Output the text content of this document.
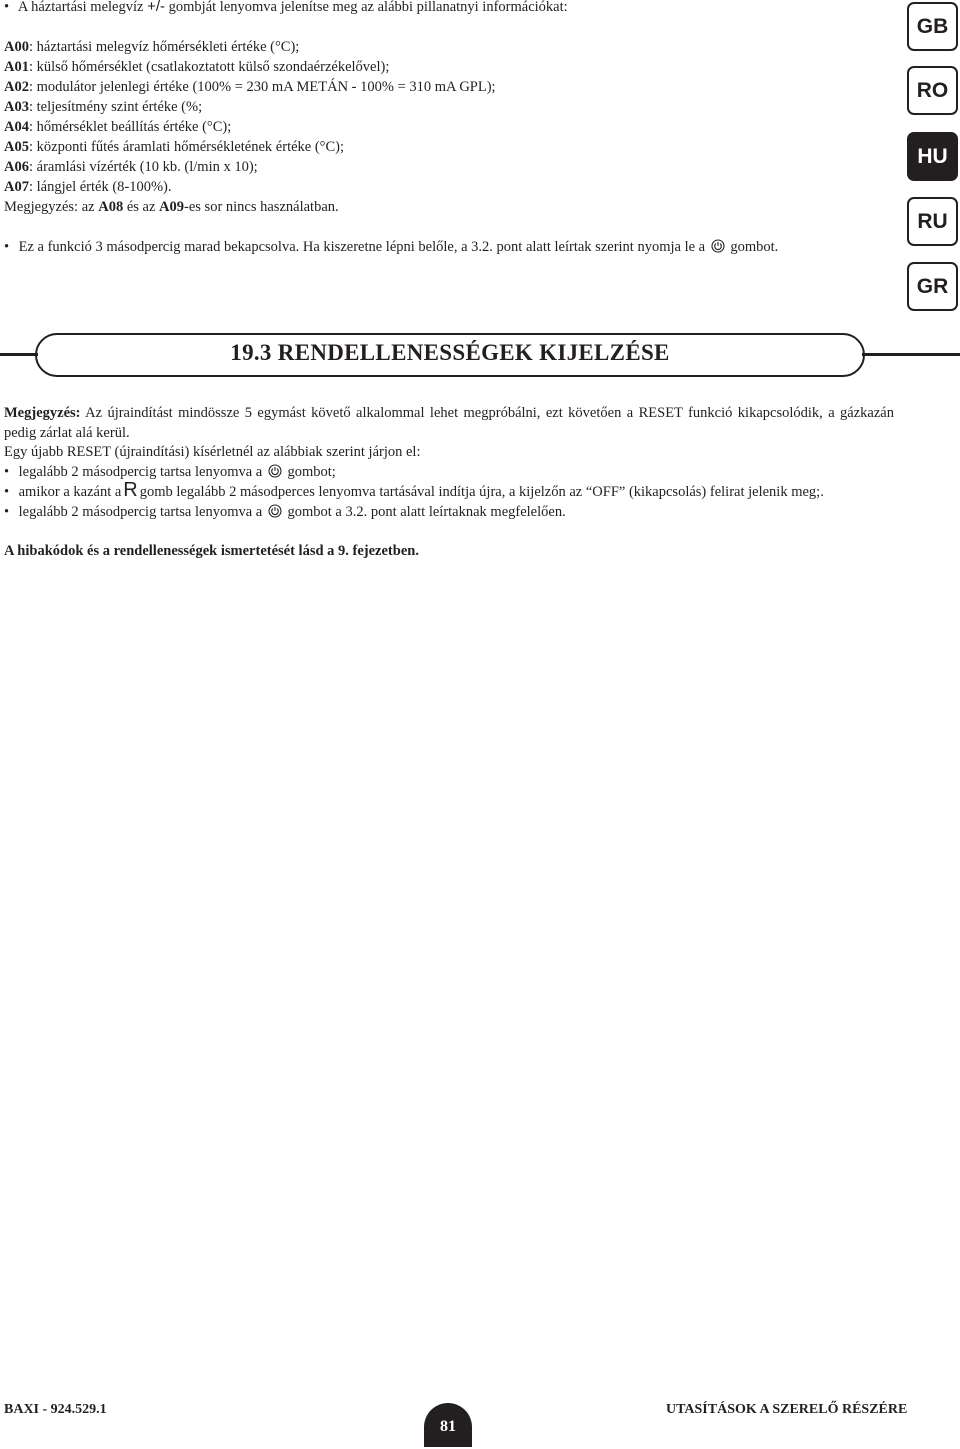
• A háztartási melegvíz +/- gombját lenyomva jelenítse meg az alábbi pillanatnyi információkat:
A00: háztartási melegvíz hőmérsékleti értéke (°C);
A01: külső hőmérséklet (csatlakoztatott külső szondaérzékelővel);
A02: modulátor jelenlegi értéke (100% = 230 mA METÁN - 100% = 310 mA GPL);
A03: teljesítmény szint értéke (%;
A04: hőmérséklet beállítás értéke (°C);
A05: központi fűtés áramlati hőmérsékletének értéke (°C);
A06: áramlási vízérték (10 kb. (l/min x 10);
A07: lángjel érték (8-100%).
Megjegyzés: az A08 és az A09-es sor nincs használatban.
• Ez a funkció 3 másodpercig marad bekapcsolva. Ha kiszeretne lépni belőle, a 3.2. pont alatt leírtak szerint nyomja le a gombot.
GB
RO
HU
RU
GR
19.3 RENDELLENESSÉGEK KIJELZÉSE
Megjegyzés: Az újraindítást mindössze 5 egymást követő alkalommal lehet megpróbálni, ezt követően a RESET funkció kikapcsolódik, a gázkazán pedig zárlat alá kerül.
Egy újabb RESET (újraindítási) kísérletnél az alábbiak szerint járjon el:
• legalább 2 másodpercig tartsa lenyomva a gombot;
• amikor a kazánt a R gomb legalább 2 másodperces lenyomva tartásával indítja újra, a kijelzőn az “OFF” (kikapcsolás) felirat jelenik meg;.
• legalább 2 másodpercig tartsa lenyomva a gombot a 3.2. pont alatt leírtaknak megfelelően.
A hibakódok és a rendellenességek ismertetését lásd a 9. fejezetben.
BAXI - 924.529.1
81
UTASÍTÁSOK A SZERELŐ RÉSZÉRE
